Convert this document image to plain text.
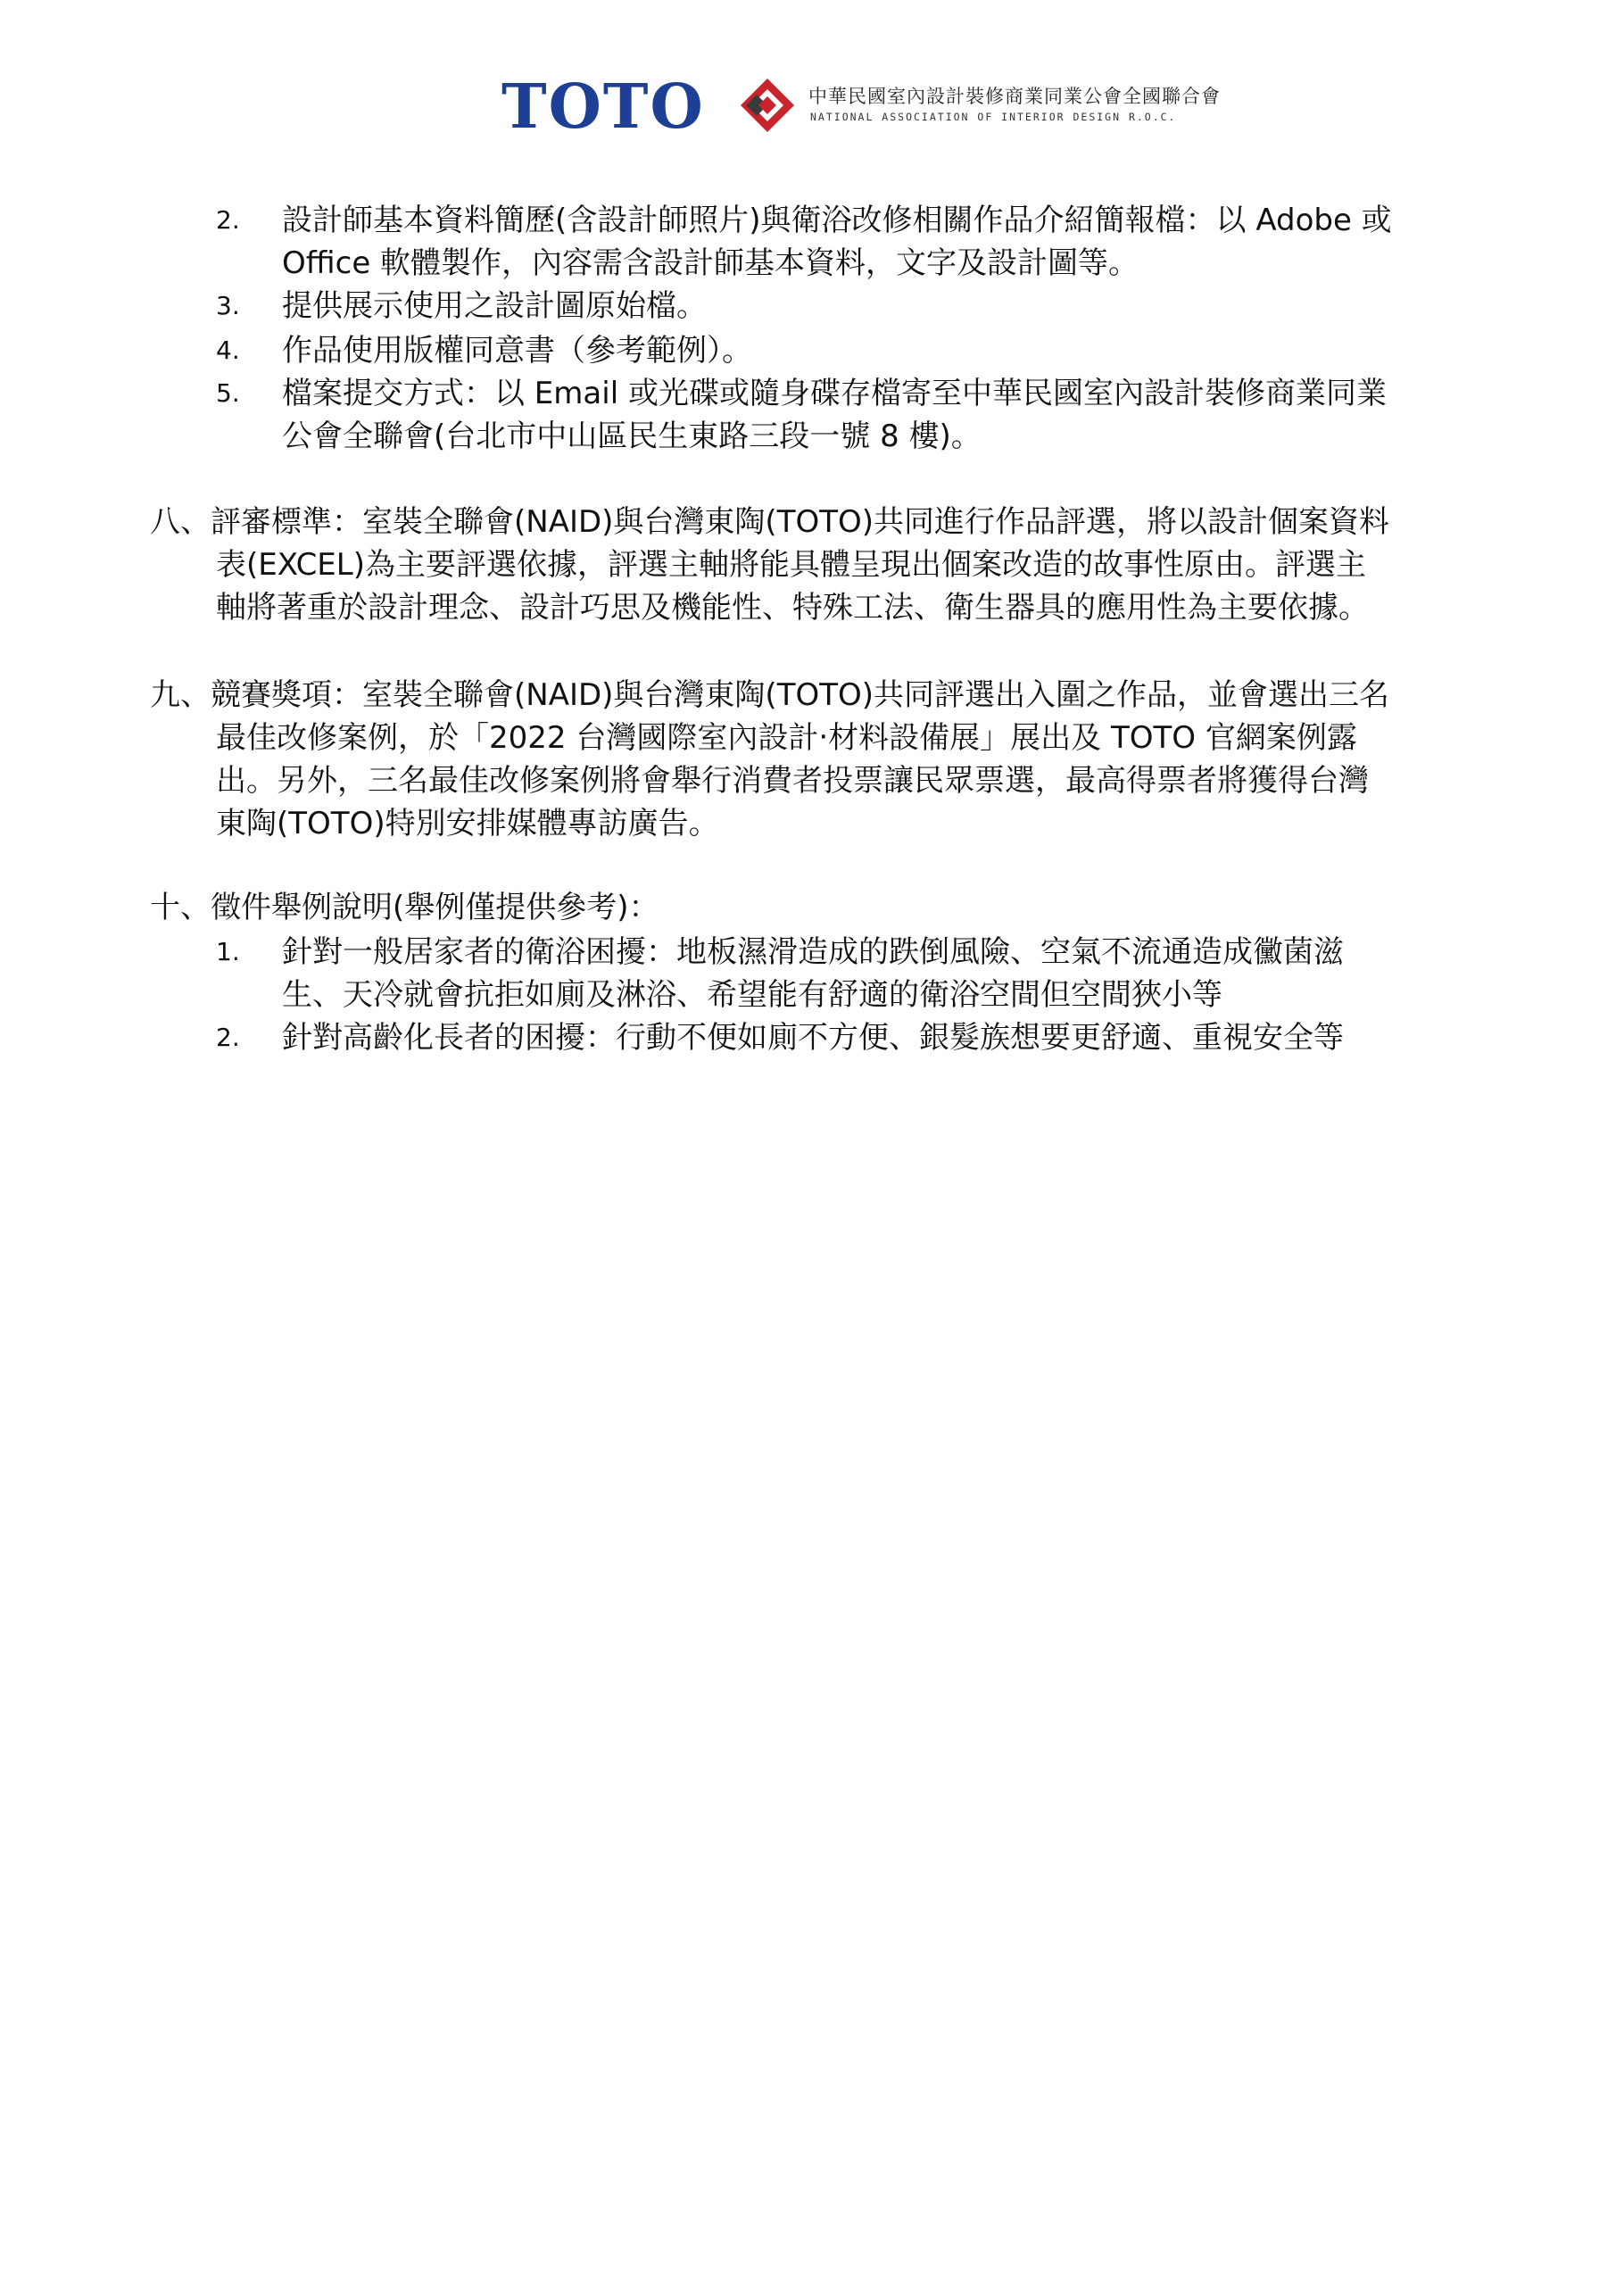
TOTO	中華民國室內設計裝修商業同業公會全國聯合會
NATIONAL ASSOCIATION OF INTERIOR DESIGN R.O.C.
2. 設計師基本資料簡歷(含設計師照片)與衛浴改修相關作品介紹簡報檔：以 Adobe 或
Office 軟體製作，內容需含設計師基本資料，文字及設計圖等。
3. 提供展示使用之設計圖原始檔。
4. 作品使用版權同意書（參考範例）。
5. 檔案提交方式：以 Email 或光碟或隨身碟存檔寄至中華民國室內設計裝修商業同業
公會全聯會(台北市中山區民生東路三段一號 8 樓)。
八、評審標準：室裝全聯會(NAID)與台灣東陶(TOTO)共同進行作品評選，將以設計個案資料
表(EXCEL)為主要評選依據，評選主軸將能具體呈現出個案改造的故事性原由。評選主
軸將著重於設計理念、設計巧思及機能性、特殊工法、衛生器具的應用性為主要依據。
九、競賽獎項：室裝全聯會(NAID)與台灣東陶(TOTO)共同評選出入圍之作品，並會選出三名
最佳改修案例，於「2022 台灣國際室內設計‧材料設備展」展出及 TOTO 官網案例露
出。另外，三名最佳改修案例將會舉行消費者投票讓民眾票選，最高得票者將獲得台灣
東陶(TOTO)特別安排媒體專訪廣告。
十、徵件舉例說明(舉例僅提供參考)：
1. 針對一般居家者的衛浴困擾：地板濕滑造成的跌倒風險、空氣不流通造成黴菌滋
生、天冷就會抗拒如廁及淋浴、希望能有舒適的衛浴空間但空間狹小等
2. 針對高齡化長者的困擾：行動不便如廁不方便、銀髮族想要更舒適、重視安全等
